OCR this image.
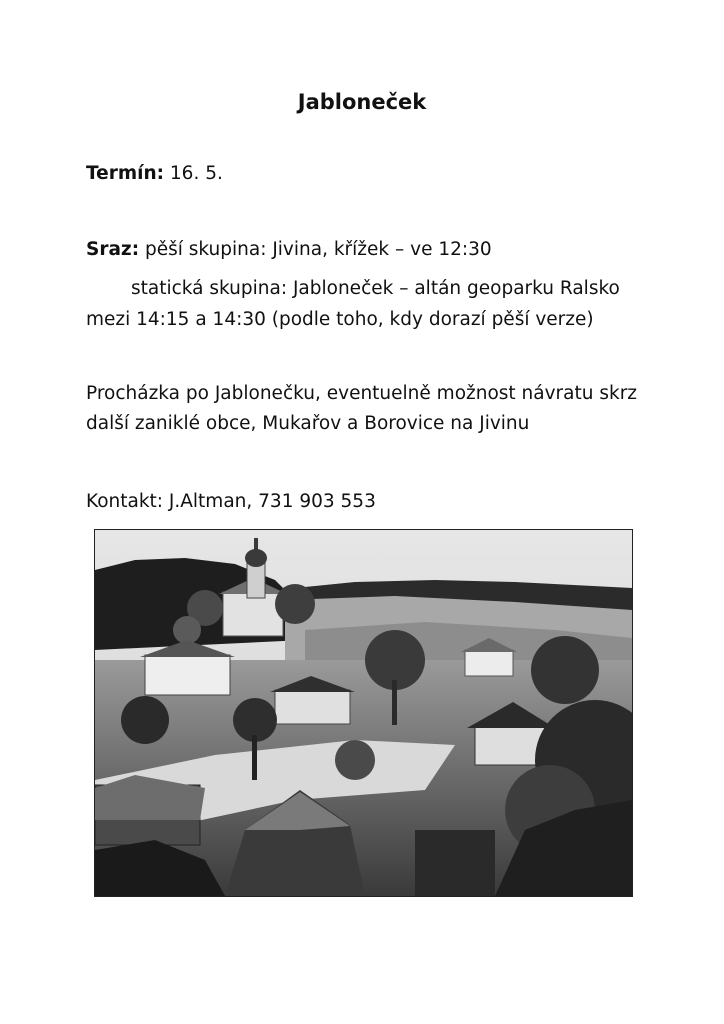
Jabloneček
Termín: 16. 5.
Sraz: pěší skupina: Jivina, křížek – ve 12:30
statická skupina: Jabloneček – altán geoparku Ralsko
mezi 14:15 a 14:30 (podle toho, kdy dorazí pěší verze)
Procházka po Jablonečku, eventuelně možnost návratu skrz
další zaniklé obce, Mukařov a Borovice na Jivinu
Kontakt: J.Altman, 731 903 553
